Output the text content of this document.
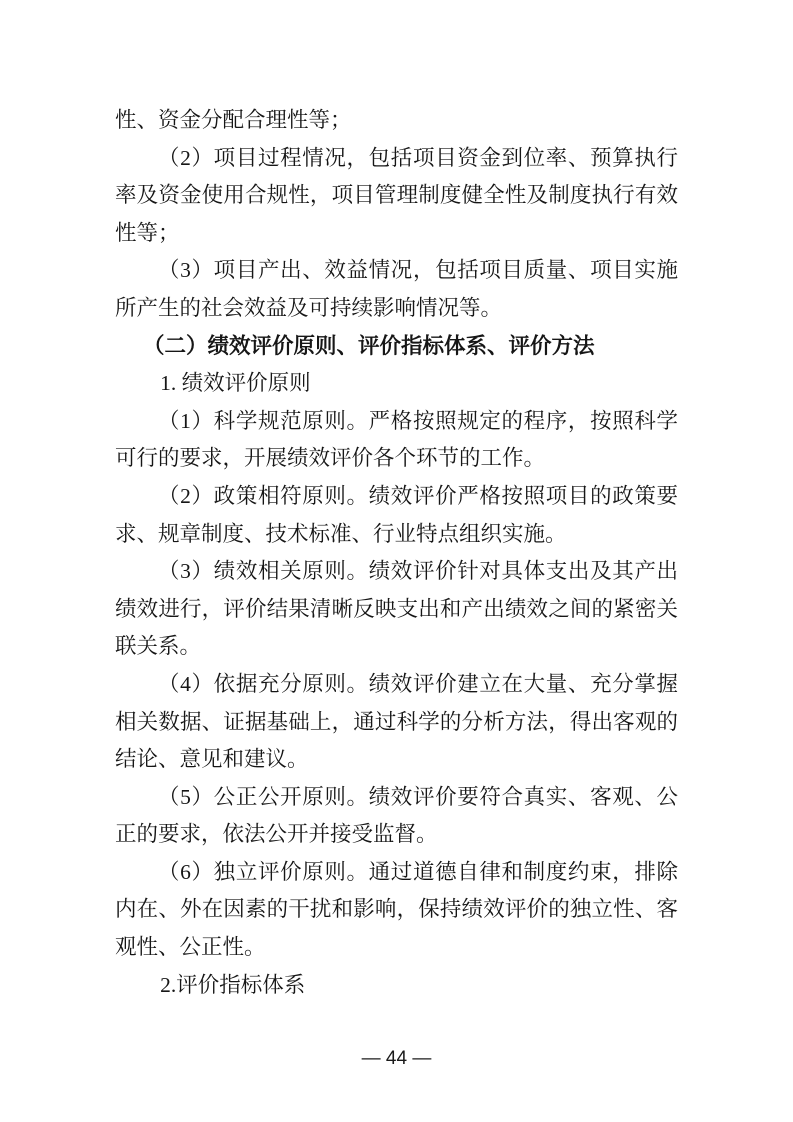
性、资金分配合理性等；

（2）项目过程情况，包括项目资金到位率、预算执行率及资金使用合规性，项目管理制度健全性及制度执行有效性等；

（3）项目产出、效益情况，包括项目质量、项目实施所产生的社会效益及可持续影响情况等。

（二）绩效评价原则、评价指标体系、评价方法

1. 绩效评价原则

（1）科学规范原则。严格按照规定的程序，按照科学可行的要求，开展绩效评价各个环节的工作。

（2）政策相符原则。绩效评价严格按照项目的政策要求、规章制度、技术标准、行业特点组织实施。

（3）绩效相关原则。绩效评价针对具体支出及其产出绩效进行，评价结果清晰反映支出和产出绩效之间的紧密关联关系。

（4）依据充分原则。绩效评价建立在大量、充分掌握相关数据、证据基础上，通过科学的分析方法，得出客观的结论、意见和建议。

（5）公正公开原则。绩效评价要符合真实、客观、公正的要求，依法公开并接受监督。

（6）独立评价原则。通过道德自律和制度约束，排除内在、外在因素的干扰和影响，保持绩效评价的独立性、客观性、公正性。

2.评价指标体系

— 44 —
